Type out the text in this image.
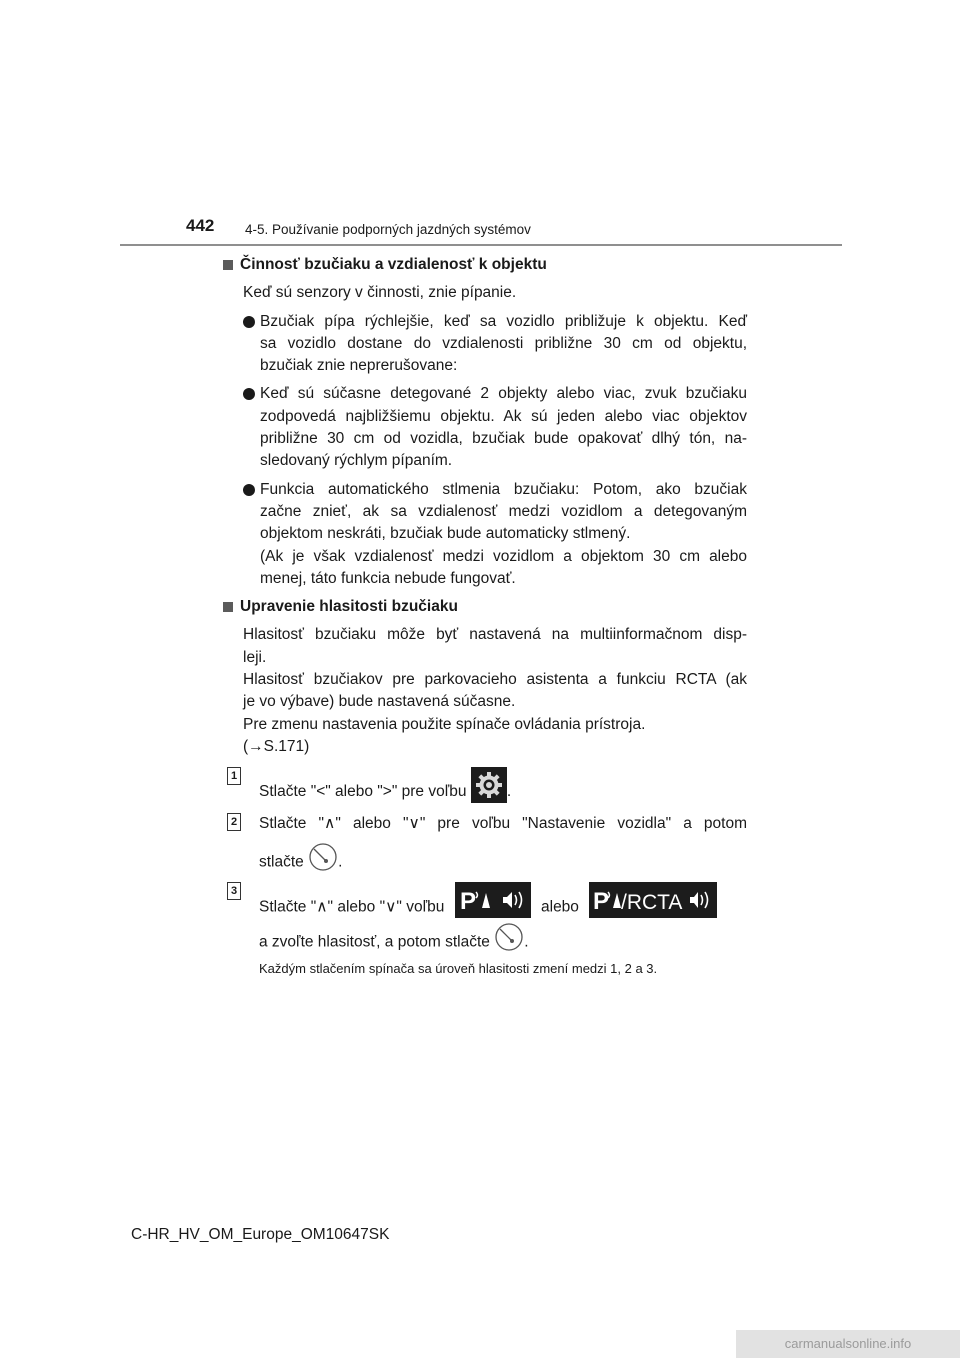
442 4-5. Používanie podporných jazdných systémov
Činnosť bzučiaku a vzdialenosť k objektu
Keď sú senzory v činnosti, znie pípanie.
Bzučiak pípa rýchlejšie, keď sa vozidlo približuje k objektu. Keď
sa vozidlo dostane do vzdialenosti približne 30 cm od objektu,
bzučiak znie neprerušovane:
Keď sú súčasne detegované 2 objekty alebo viac, zvuk bzučiaku
zodpovedá najbližšiemu objektu. Ak sú jeden alebo viac objektov
približne 30 cm od vozidla, bzučiak bude opakovať dlhý tón, na-
sledovaný rýchlym pípaním.
Funkcia automatického stlmenia bzučiaku: Potom, ako bzučiak
začne znieť, ak sa vzdialenosť medzi vozidlom a detegovaným
objektom neskráti, bzučiak bude automaticky stlmený.
(Ak je však vzdialenosť medzi vozidlom a objektom 30 cm alebo
menej, táto funkcia nebude fungovať.
Upravenie hlasitosti bzučiaku
Hlasitosť bzučiaku môže byť nastavená na multiinformačnom disp-
leji.
Hlasitosť bzučiakov pre parkovacieho asistenta a funkciu RCTA (ak
je vo výbave) bude nastavená súčasne.
Pre zmenu nastavenia použite spínače ovládania prístroja.
(→S.171)
1
Stlačte "<" alebo ">" pre voľbu	.
2 Stlačte "∧" alebo "∨" pre voľbu "Nastavenie vozidla" a potom
stlačte .
3
Stlačte "∧" alebo "∨" voľbu P	alebo P /RCTA
a zvoľte hlasitosť, a potom stlačte .
Každým stlačením spínača sa úroveň hlasitosti zmení medzi 1, 2 a 3.
C-HR_HV_OM_Europe_OM10647SK
carmanualsonline.info
